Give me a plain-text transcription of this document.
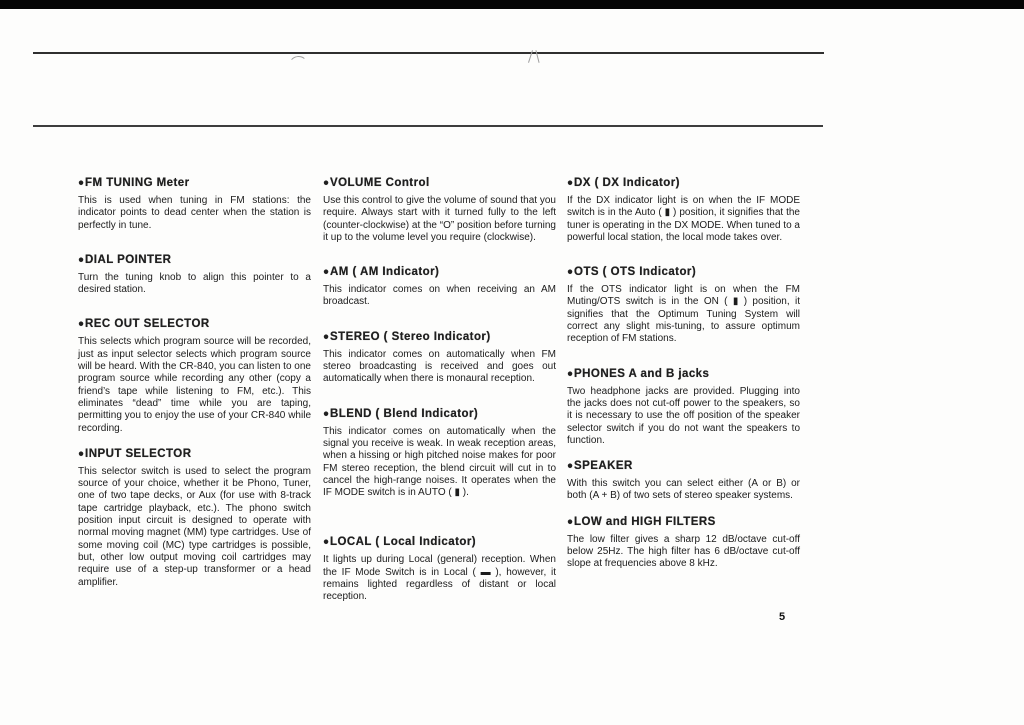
●FM TUNING Meter

This is used when tuning in FM stations: the indicator points to dead center when the station is perfectly in tune.

●DIAL POINTER

Turn the tuning knob to align this pointer to a desired station.

●REC OUT SELECTOR

This selects which program source will be recorded, just as input selector selects which program source will be heard. With the CR-840, you can listen to one program source while recording any other (copy a friend’s tape while listening to FM, etc.). This eliminates “dead” time while you are taping, permitting you to enjoy the use of your CR-840 while recording.

●INPUT SELECTOR

This selector switch is used to select the program source of your choice, whether it be Phono, Tuner, one of two tape decks, or Aux (for use with 8-track tape cartridge playback, etc.). The phono switch position input circuit is designed to operate with normal moving magnet (MM) type cartridges. Use of some moving coil (MC) type cartridges is possible, but, other low output moving coil cartridges may require use of a step-up transformer or a head amplifier.

●VOLUME Control

Use this control to give the volume of sound that you require. Always start with it turned fully to the left (counter-clockwise) at the “O” position before turning it up to the volume level you require (clockwise).

●AM ( AM Indicator)

This indicator comes on when receiving an AM broadcast.

●STEREO ( Stereo Indicator)

This indicator comes on automatically when FM stereo broadcasting is received and goes out automatically when there is monaural reception.

●BLEND ( Blend Indicator)

This indicator comes on automatically when the signal you receive is weak. In weak reception areas, when a hissing or high pitched noise makes for poor FM stereo reception, the blend circuit will cut in to cancel the high-range noises. It operates when the IF MODE switch is in AUTO ( ▮ ).

●LOCAL ( Local Indicator)

It lights up during Local (general) reception. When the IF Mode Switch is in Local ( ▬ ), however, it remains lighted regardless of distant or local reception.

●DX ( DX Indicator)

If the DX indicator light is on when the IF MODE switch is in the Auto ( ▮ ) position, it signifies that the tuner is operating in the DX MODE. When tuned to a powerful local station, the local mode takes over.

●OTS ( OTS Indicator)

If the OTS indicator light is on when the FM Muting/OTS switch is in the ON ( ▮ ) position, it signifies that the Optimum Tuning System will correct any slight mis-tuning, to assure optimum reception of FM stations.

●PHONES A and B jacks

Two headphone jacks are provided. Plugging into the jacks does not cut-off power to the speakers, so it is necessary to use the off position of the speaker selector switch if you do not want the speakers to function.

●SPEAKER

With this switch you can select either (A or B) or both (A + B) of two sets of stereo speaker systems.

●LOW and HIGH FILTERS

The low filter gives a sharp 12 dB/octave cut-off below 25Hz. The high filter has 6 dB/octave cut-off slope at frequencies above 8 kHz.

5
